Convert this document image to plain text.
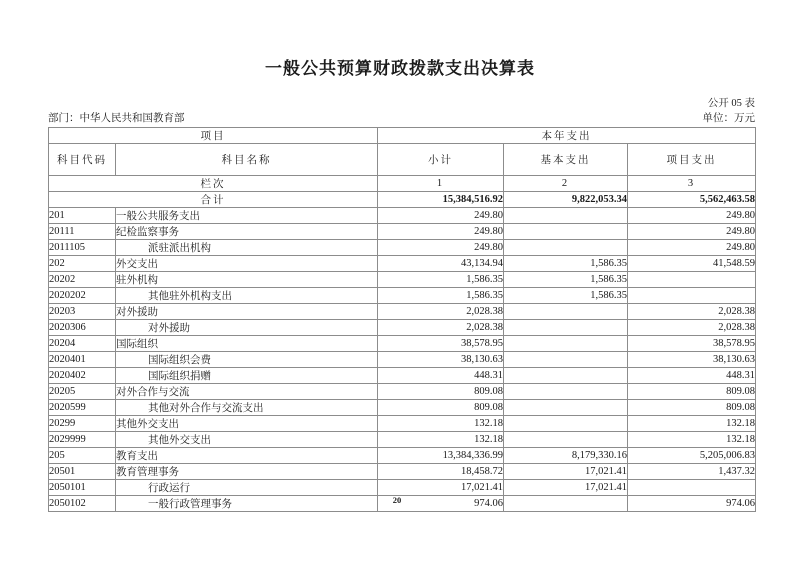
一般公共预算财政拨款支出决算表
公开 05 表
部门：中华人民共和国教育部	单位：万元
项目		本年支出		
科目代码	科目名称	小计	基本支出	项目支出
栏次		1	2	3
合计		15,384,516.92	9,822,053.34	5,562,463.58
201	一般公共服务支出	249.80		249.80
20111	纪检监察事务	249.80		249.80
2011105	派驻派出机构	249.80		249.80
202	外交支出	43,134.94	1,586.35	41,548.59
20202	驻外机构	1,586.35	1,586.35	
2020202	其他驻外机构支出	1,586.35	1,586.35	
20203	对外援助	2,028.38		2,028.38
2020306	对外援助	2,028.38		2,028.38
20204	国际组织	38,578.95		38,578.95
2020401	国际组织会费	38,130.63		38,130.63
2020402	国际组织捐赠	448.31		448.31
20205	对外合作与交流	809.08		809.08
2020599	其他对外合作与交流支出	809.08		809.08
20299	其他外交支出	132.18		132.18
2029999	其他外交支出	132.18		132.18
205	教育支出	13,384,336.99	8,179,330.16	5,205,006.83
20501	教育管理事务	18,458.72	17,021.41	1,437.32
2050101	行政运行	17,021.41	17,021.41	
2050102	一般行政管理事务	974.06		974.06
20
